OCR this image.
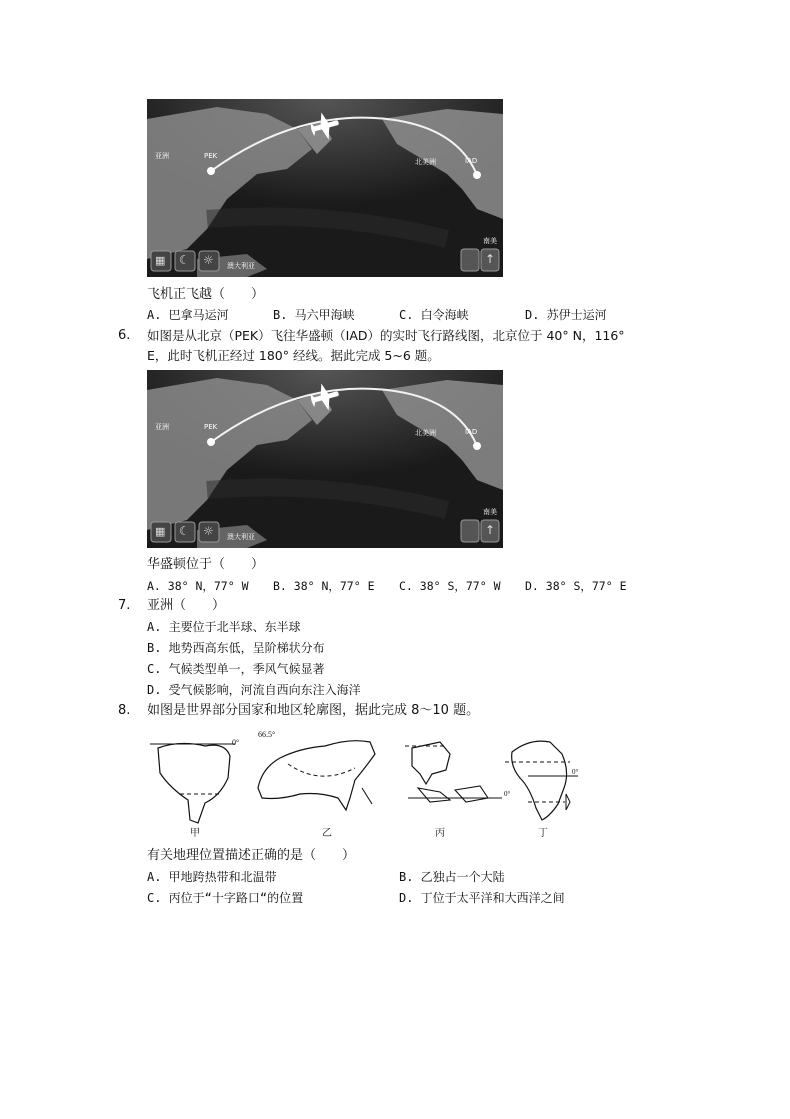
亚洲	PEK
北美洲	IAD
澳大利亚
南美
▦ ☾ ☼	↑
飞机正飞越（　　）
A. 巴拿马运河	B. 马六甲海峡	C. 白令海峡	D. 苏伊士运河
6. 如图是从北京（PEK）飞往华盛顿（IAD）的实时飞行路线图，北京位于 40° N，116°
E，此时飞机正经过 180° 经线。据此完成 5~6 题。
亚洲	PEK
北美洲	IAD
澳大利亚
南美
▦ ☾ ☼	↑
华盛顿位于（　　）
A. 38° N，77° W B. 38° N，77° E C. 38° S，77° W D. 38° S，77° E
7. 亚洲（　　）
A. 主要位于北半球、东半球
B. 地势西高东低，呈阶梯状分布
C. 气候类型单一，季风气候显著
D. 受气候影响，河流自西向东注入海洋
8. 如图是世界部分国家和地区轮廓图，据此完成 8～10 题。
0°
66.5°
0°
0°
甲	乙	丙	丁
有关地理位置描述正确的是（　　）
A. 甲地跨热带和北温带	B. 乙独占一个大陆
C. 丙位于“十字路口“的位置	D. 丁位于太平洋和大西洋之间
